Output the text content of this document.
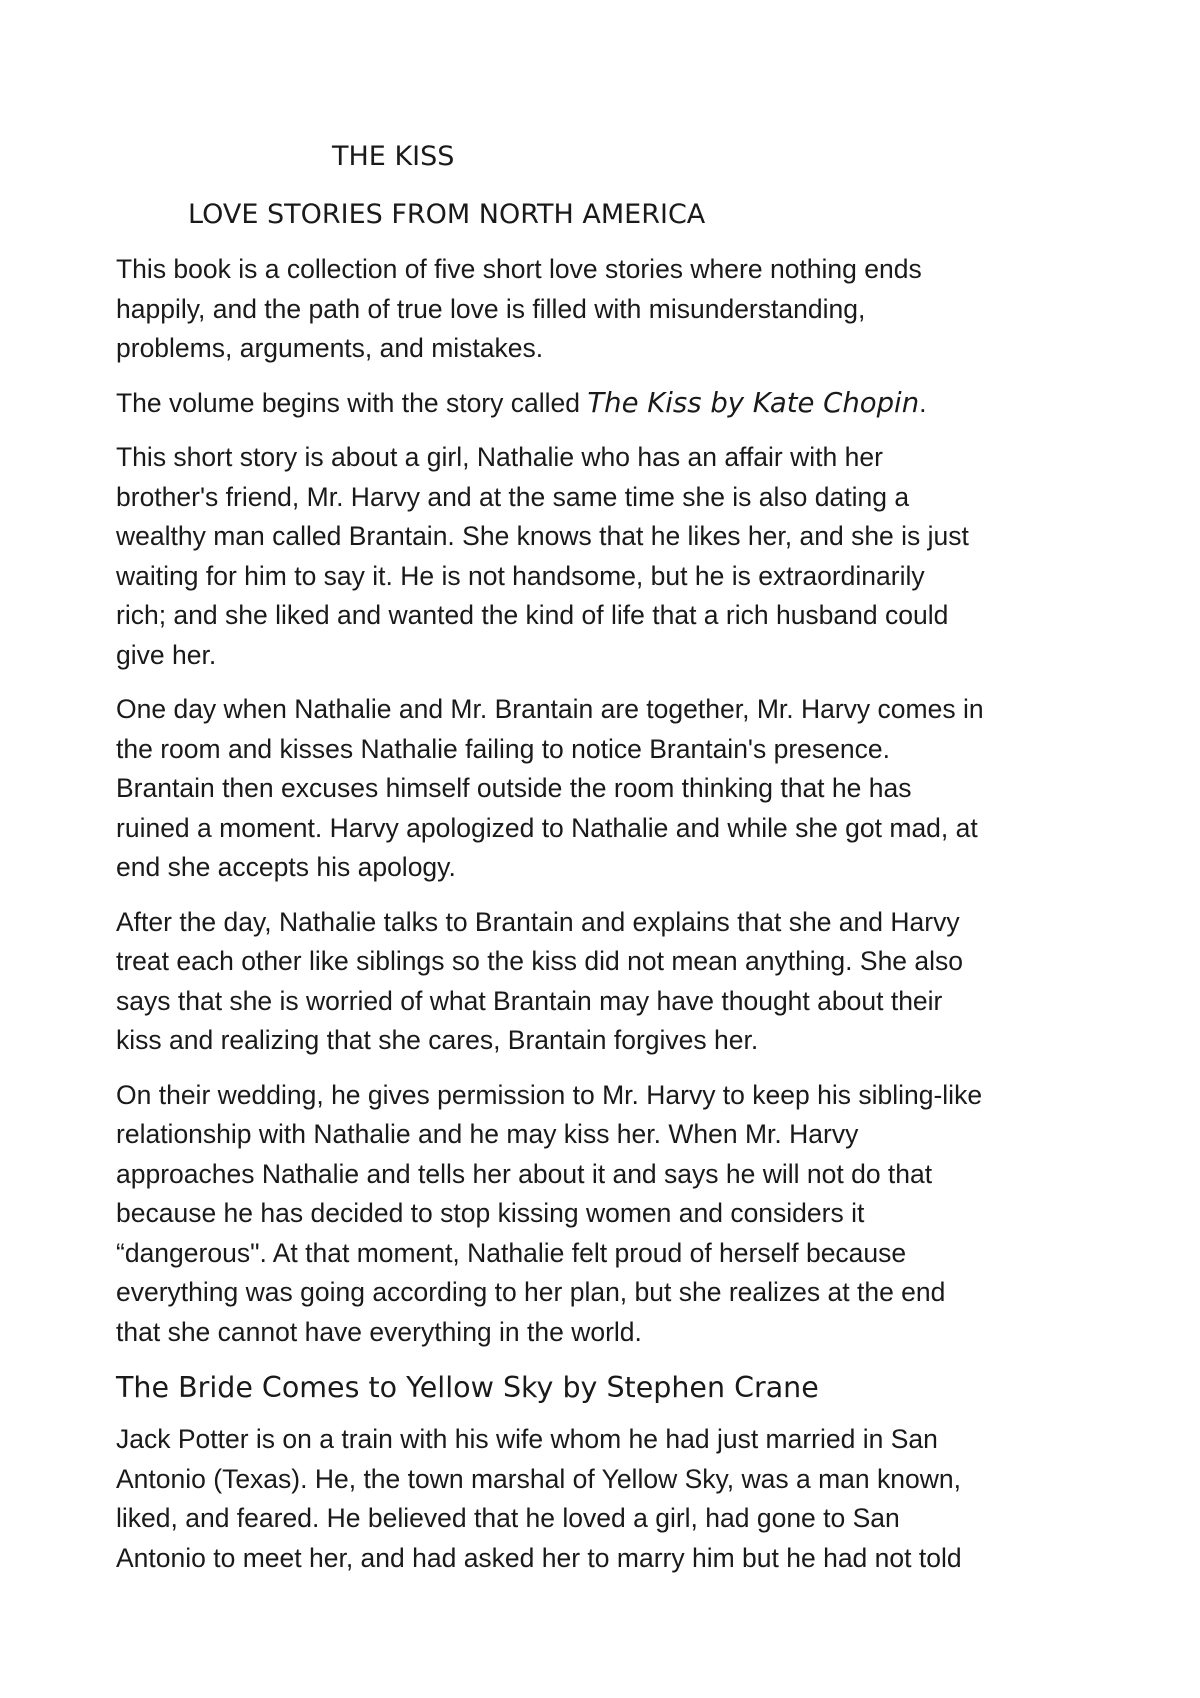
THE KISS
LOVE STORIES FROM NORTH AMERICA

This book is a collection of five short love stories where nothing ends
happily, and the path of true love is filled with misunderstanding,
problems, arguments, and mistakes.

The volume begins with the story called The Kiss by Kate Chopin.

This short story is about a girl, Nathalie who has an affair with her
brother's friend, Mr. Harvy and at the same time she is also dating a
wealthy man called Brantain. She knows that he likes her, and she is just
waiting for him to say it. He is not handsome, but he is extraordinarily
rich; and she liked and wanted the kind of life that a rich husband could
give her.

One day when Nathalie and Mr. Brantain are together, Mr. Harvy comes in
the room and kisses Nathalie failing to notice Brantain's presence.
Brantain then excuses himself outside the room thinking that he has
ruined a moment. Harvy apologized to Nathalie and while she got mad, at
end she accepts his apology.

After the day, Nathalie talks to Brantain and explains that she and Harvy
treat each other like siblings so the kiss did not mean anything. She also
says that she is worried of what Brantain may have thought about their
kiss and realizing that she cares, Brantain forgives her.

On their wedding, he gives permission to Mr. Harvy to keep his sibling-like
relationship with Nathalie and he may kiss her. When Mr. Harvy
approaches Nathalie and tells her about it and says he will not do that
because he has decided to stop kissing women and considers it
“dangerous". At that moment, Nathalie felt proud of herself because
everything was going according to her plan, but she realizes at the end
that she cannot have everything in the world.

The Bride Comes to Yellow Sky by Stephen Crane

Jack Potter is on a train with his wife whom he had just married in San
Antonio (Texas). He, the town marshal of Yellow Sky, was a man known,
liked, and feared. He believed that he loved a girl, had gone to San
Antonio to meet her, and had asked her to marry him but he had not told
